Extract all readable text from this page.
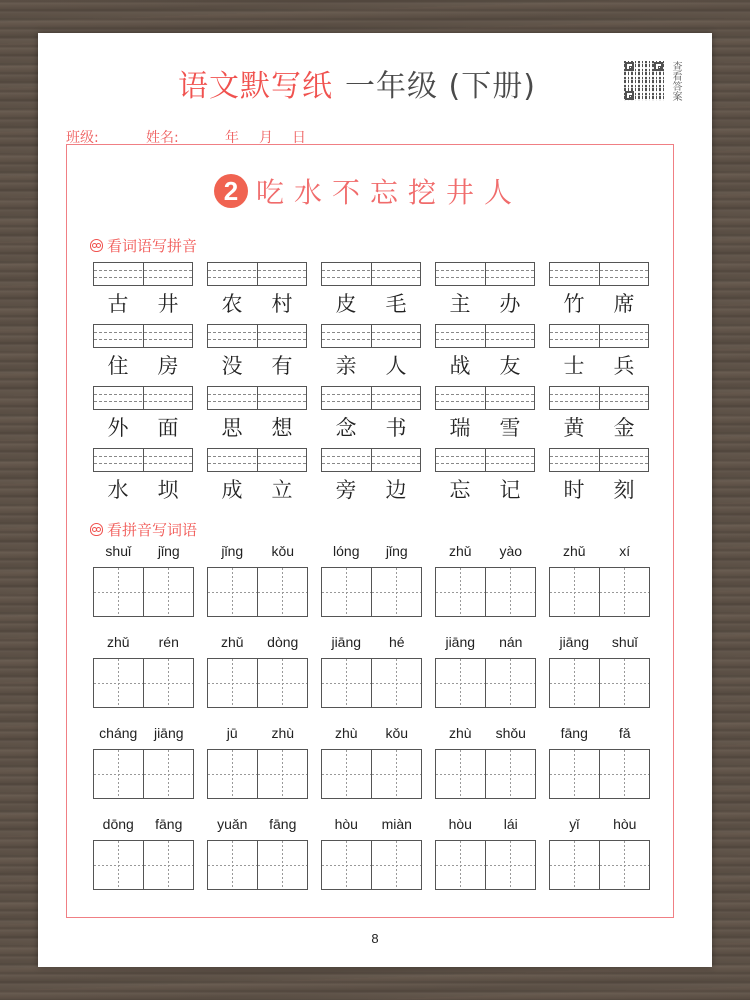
语文默写纸 一年级 (下册)	查看答案
班级:	姓名:	年 月 日
2 吃水不忘挖井人
看词语写拼音
古	井	农	村	皮	毛	主	办	竹	席
住	房	没	有	亲	人	战	友	士	兵
外	面	思	想	念	书	瑞	雪	黄	金
水	坝	成	立	旁	边	忘	记	时	刻
看拼音写词语
shuǐ	jǐng	jǐng	kǒu	lóng	jǐng	zhǔ	yào	zhǔ	xí
zhǔ	rén	zhǔ	dòng	jiāng	hé	jiāng	nán	jiāng	shuǐ
cháng	jiāng	jū	zhù	zhù	kǒu	zhù	shǒu	fāng	fǎ
dōng	fāng	yuǎn	fāng	hòu	miàn	hòu	lái	yǐ	hòu
8
